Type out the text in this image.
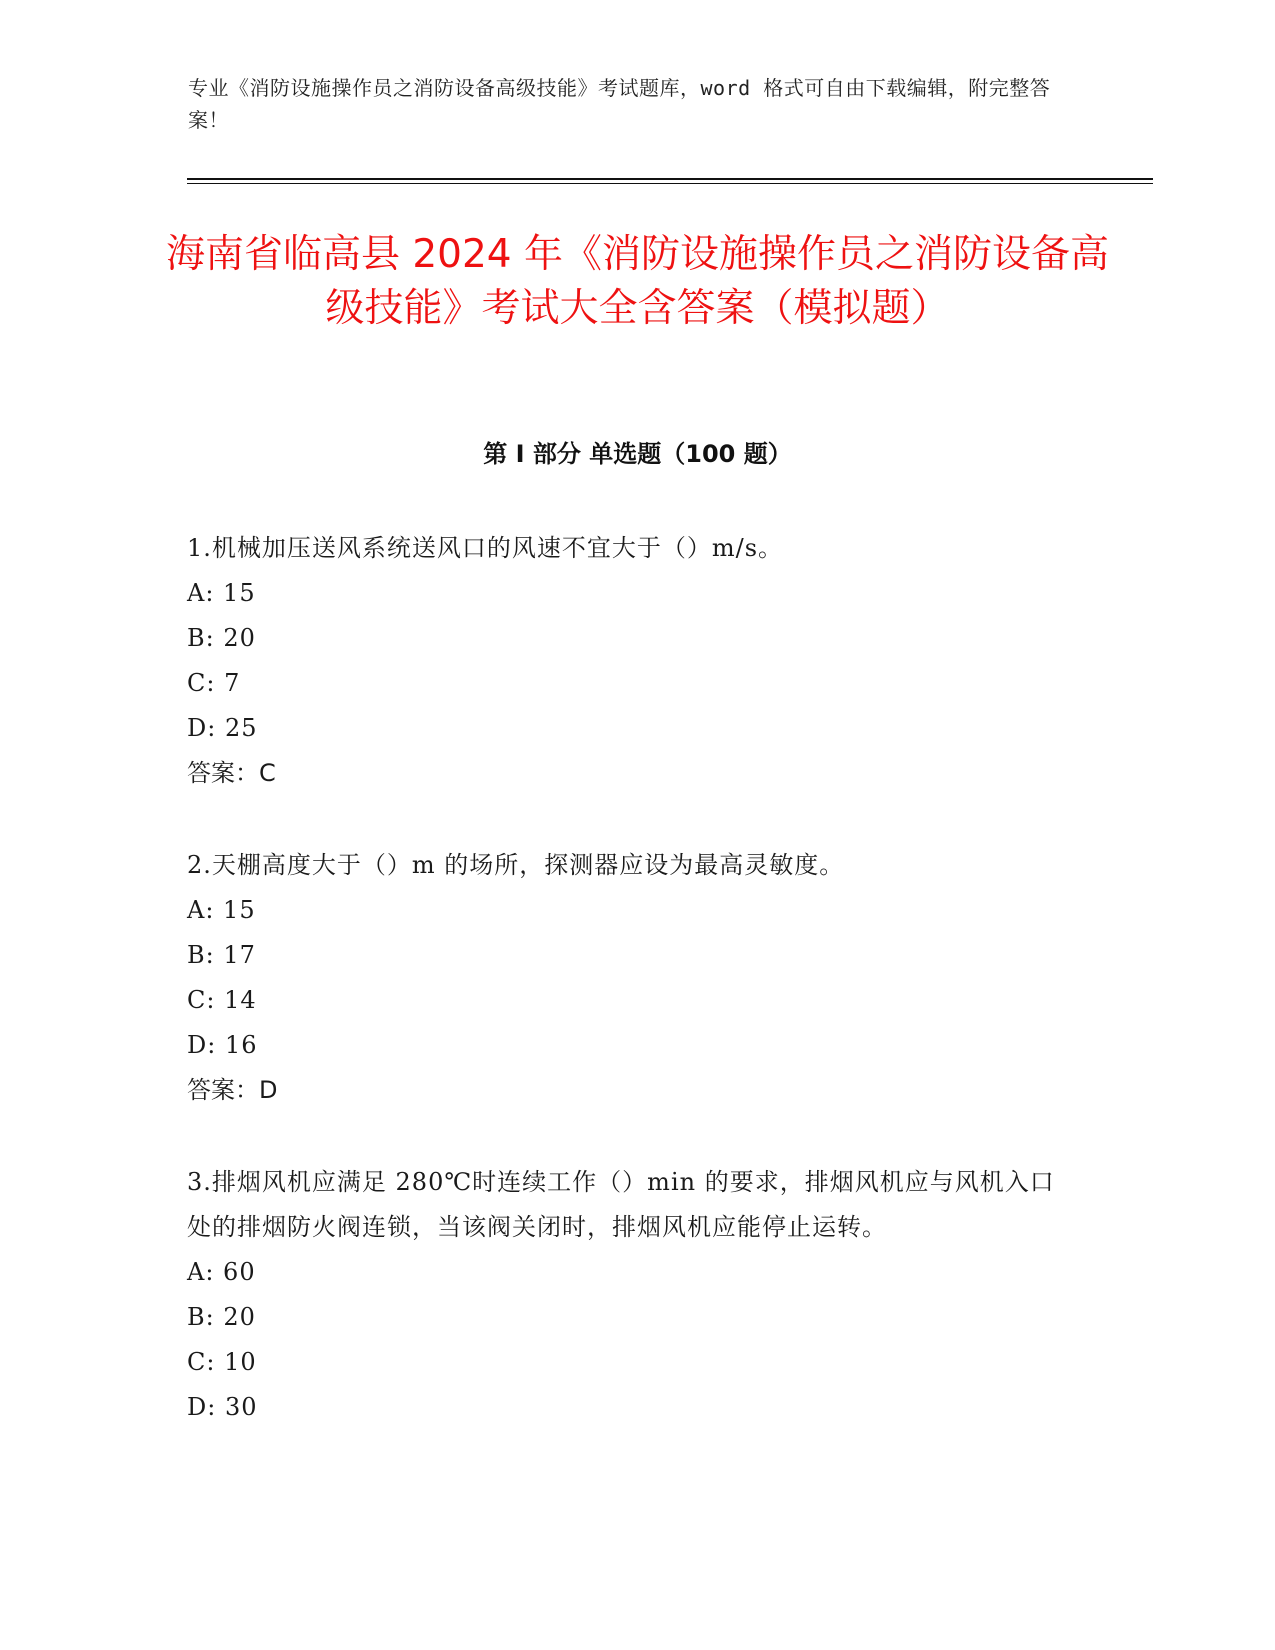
专业《消防设施操作员之消防设备高级技能》考试题库，word 格式可自由下载编辑，附完整答案！
海南省临高县 2024 年《消防设施操作员之消防设备高级技能》考试大全含答案（模拟题）
第 I 部分 单选题（100 题）
1.机械加压送风系统送风口的风速不宜大于（）m/s。
A: 15
B: 20
C: 7
D: 25
答案：C
2.天棚高度大于（）m 的场所，探测器应设为最高灵敏度。
A: 15
B: 17
C: 14
D: 16
答案：D
3.排烟风机应满足 280℃时连续工作（）min 的要求，排烟风机应与风机入口处的排烟防火阀连锁，当该阀关闭时，排烟风机应能停止运转。
A: 60
B: 20
C: 10
D: 30
